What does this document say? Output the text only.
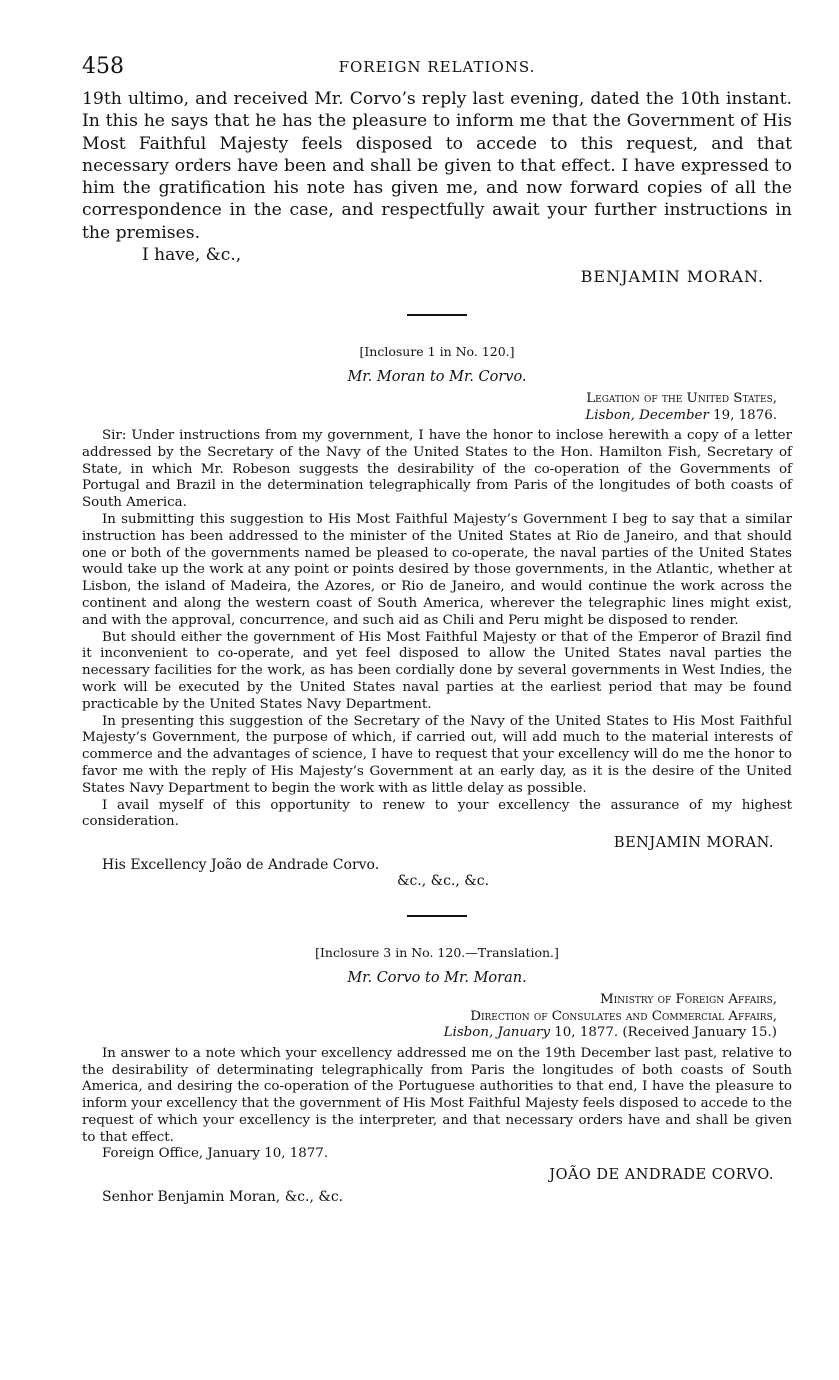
458	FOREIGN RELATIONS.

19th ultimo, and received Mr. Corvo’s reply last evening, dated the 10th instant. In this he says that he has the pleasure to inform me that the Government of His Most Faithful Majesty feels disposed to accede to this request, and that necessary orders have been and shall be given to that effect. I have expressed to him the gratification his note has given me, and now forward copies of all the correspondence in the case, and respectfully await your further instructions in the premises.

I have, &c.,

BENJAMIN MORAN.

[Inclosure 1 in No. 120.]

Mr. Moran to Mr. Corvo.

Legation of the United States,
Lisbon, December 19, 1876.

Sir: Under instructions from my government, I have the honor to inclose herewith a copy of a letter addressed by the Secretary of the Navy of the United States to the Hon. Hamilton Fish, Secretary of State, in which Mr. Robeson suggests the desirability of the co-operation of the Governments of Portugal and Brazil in the determination telegraphically from Paris of the longitudes of both coasts of South America.

In submitting this suggestion to His Most Faithful Majesty’s Government I beg to say that a similar instruction has been addressed to the minister of the United States at Rio de Janeiro, and that should one or both of the governments named be pleased to co-operate, the naval parties of the United States would take up the work at any point or points desired by those governments, in the Atlantic, whether at Lisbon, the island of Madeira, the Azores, or Rio de Janeiro, and would continue the work across the continent and along the western coast of South America, wherever the telegraphic lines might exist, and with the approval, concurrence, and such aid as Chili and Peru might be disposed to render.

But should either the government of His Most Faithful Majesty or that of the Emperor of Brazil find it inconvenient to co-operate, and yet feel disposed to allow the United States naval parties the necessary facilities for the work, as has been cordially done by several governments in West Indies, the work will be executed by the United States naval parties at the earliest period that may be found practicable by the United States Navy Department.

In presenting this suggestion of the Secretary of the Navy of the United States to His Most Faithful Majesty’s Government, the purpose of which, if carried out, will add much to the material interests of commerce and the advantages of science, I have to request that your excellency will do me the honor to favor me with the reply of His Majesty’s Government at an early day, as it is the desire of the United States Navy Department to begin the work with as little delay as possible.

I avail myself of this opportunity to renew to your excellency the assurance of my highest consideration.

BENJAMIN MORAN.

His Excellency João de Andrade Corvo.

&c., &c., &c.

[Inclosure 3 in No. 120.—Translation.]

Mr. Corvo to Mr. Moran.

Ministry of Foreign Affairs,
Direction of Consulates and Commercial Affairs,
Lisbon, January 10, 1877. (Received January 15.)

In answer to a note which your excellency addressed me on the 19th December last past, relative to the desirability of determinating telegraphically from Paris the longitudes of both coasts of South America, and desiring the co-operation of the Portuguese authorities to that end, I have the pleasure to inform your excellency that the government of His Most Faithful Majesty feels disposed to accede to the request of which your excellency is the interpreter, and that necessary orders have and shall be given to that effect.

Foreign Office, January 10, 1877.

JOÃO DE ANDRADE CORVO.

Senhor Benjamin Moran, &c., &c.
